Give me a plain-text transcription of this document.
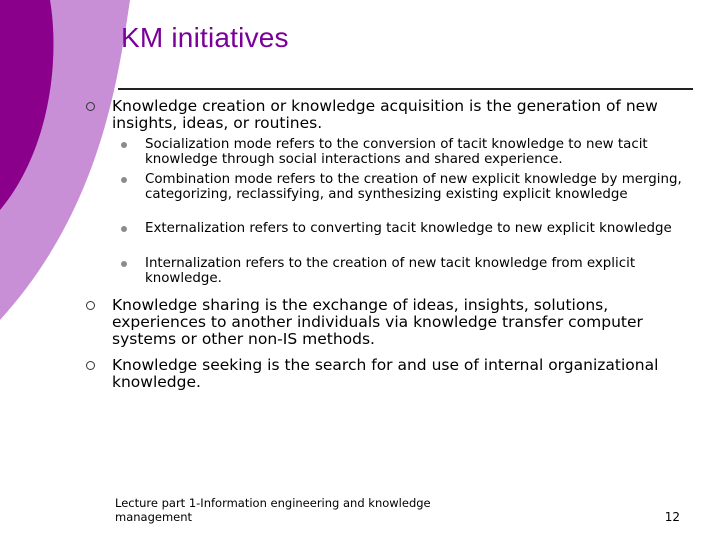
KM initiatives
Knowledge creation or knowledge acquisition is the generation of new insights, ideas, or routines.
Socialization mode refers to the conversion of tacit knowledge to new tacit knowledge through social interactions and shared experience.
Combination mode refers to the creation of new explicit knowledge by merging, categorizing, reclassifying, and synthesizing existing explicit knowledge
Externalization refers to converting tacit knowledge to new explicit knowledge
Internalization refers to the creation of new tacit knowledge from explicit knowledge.
Knowledge sharing is the exchange of ideas, insights, solutions, experiences to another individuals via knowledge transfer computer systems or other non-IS methods.
Knowledge seeking is the search for and use of internal organizational knowledge.
Lecture part 1-Information engineering and knowledge management	12
